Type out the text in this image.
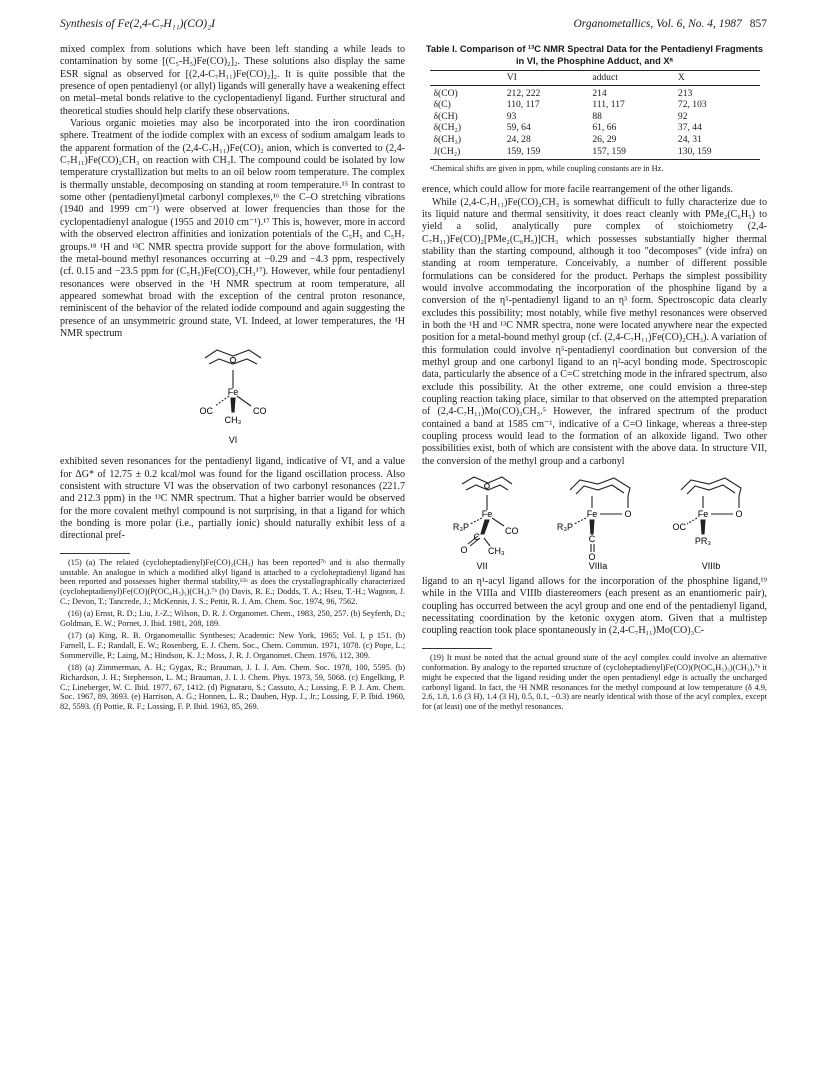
Synthesis of Fe(2,4-C₇H₁₁)(CO)₂I	Organometallics, Vol. 6, No. 4, 1987 857

mixed complex from solutions which have been left standing a while leads to contamination by some [(C₅-H₅)Fe(CO)₂]₂. These solutions also display the same ESR signal as observed for [(2,4-C₇H₁₁)Fe(CO)₂]₂. It is quite possible that the presence of open pentadienyl (or allyl) ligands will generally have a weakening effect on metal–metal bonds relative to the cyclopentadienyl ligand. Further structural and theoretical studies should help clarify these observations.

Various organic moieties may also be incorporated into the iron coordination sphere. Treatment of the iodide complex with an excess of sodium amalgam leads to the apparent formation of the (2,4-C₇H₁₁)Fe(CO)₂ anion, which is converted to (2,4-C₇H₁₁)Fe(CO)₂CH₃ on reaction with CH₃I. The compound could be isolated by low temperature crystallization but melts to an oil below room temperature. The complex is thermally unstable, decomposing on standing at room temperature.¹⁵ In contrast to some other (pentadienyl)metal carbonyl complexes,¹⁶ the C–O stretching vibrations (1940 and 1999 cm⁻¹) were observed at lower frequencies than those for the cyclopentadienyl analogue (1955 and 2010 cm⁻¹).¹⁷ This is, however, more in accord with the observed electron affinities and ionization potentials of the C₅H₅ and C₅H₇ groups.¹⁸ ¹H and ¹³C NMR spectra provide support for the above formulation, with the metal-bound methyl resonances occurring at −0.29 and −4.3 ppm, respectively (cf. 0.15 and −23.5 ppm for (C₅H₅)Fe(CO)₂CH₃¹⁷). However, while four pentadienyl resonances were observed in the ¹H NMR spectrum at room temperature, all appeared somewhat broad with the exception of the central proton resonance, reminiscent of the behavior of the related iodide compound and again suggesting the presence of an unsymmetric ground state, VI. Indeed, at lower temperatures, the ¹H NMR spectrum

Fe
OC	CO
CH₃
VI

exhibited seven resonances for the pentadienyl ligand, indicative of VI, and a value for ΔG* of 12.75 ± 0.2 kcal/mol was found for the ligand oscillation process. Also consistent with structure VI was the observation of two carbonyl resonances (221.7 and 212.3 ppm) in the ¹³C NMR spectrum. That a higher barrier would be observed for the more covalent methyl compound is not surprising, in that a ligand for which the bonding is more polar (i.e., partially ionic) should naturally exhibit less of a directional pref-

(15) (a) The related (cycloheptadienyl)Fe(CO)₂(CH₃) has been reported⁷ᵇ and is also thermally unstable. An analogue in which a modified alkyl ligand is attached to a cycloheptadienyl ligand has been reported and possesses higher thermal stability,¹⁵ᵇ as does the crystallographically characterized (cycloheptadienyl)Fe(CO)(P(OC₆H₅)₃)(CH₃).⁷ᵇ (b) Davis, R. E.; Dodds, T. A.; Hseu, T.-H.; Wagnon, J. C.; Devon, T.; Tancrede, J.; McKennis, J. S.; Pettit, R. J. Am. Chem. Soc. 1974, 96, 7562.

(16) (a) Ernst, R. D.; Liu, J.-Z.; Wilson, D. R. J. Organomet. Chem., 1983, 250, 257. (b) Seyferth, D.; Goldman, E. W.; Pornet, J. Ibid. 1981, 208, 189.

(17) (a) King, R. B. Organometallic Syntheses; Academic: New York, 1965; Vol. I, p 151. (b) Farnell, L. F.; Randall, E. W.; Rosenberg, E. J. Chem. Soc., Chem. Commun. 1971, 1078. (c) Pope, L.; Sommerville, P.; Laing, M.; Hindson, K. J.; Moss, J. R. J. Organomet. Chem. 1976, 112, 309.

(18) (a) Zimmerman, A. H.; Gygax, R.; Brauman, J. I. J. Am. Chem. Soc. 1978, 100, 5595. (b) Richardson, J. H.; Stephenson, L. M.; Brauman, J. I. J. Chem. Phys. 1973, 59, 5068. (c) Engelking, P. C.; Lineberger, W. C. Ibid. 1977, 67, 1412. (d) Pignataro, S.; Cassuto, A.; Lossing, F. P. J. Am. Chem. Soc. 1967, 89, 3693. (e) Harrison, A. G.; Honnen, L. R.; Dauben, Hyp. J., Jr.; Lossing, F. P. Ibid. 1960, 82, 5593. (f) Pottie, R. F.; Lossing, F. P. Ibid. 1963, 85, 269.

Table I. Comparison of ¹³C NMR Spectral Data for the Pentadienyl Fragments in VI, the Phosphine Adduct, and Xᵃ
	VI	adduct	X
δ(CO)	212, 222	214	213
δ(C)	110, 117	111, 117	72, 103
δ(CH)	93	88	92
δ(CH₂)	59, 64	61, 66	37, 44
δ(CH₃)	24, 28	26, 29	24, 31
J(CH₂)	159, 159	157, 159	130, 159
ᵃChemical shifts are given in ppm, while coupling constants are in Hz.

erence, which could allow for more facile rearrangement of the other ligands.

While (2,4-C₇H₁₁)Fe(CO)₂CH₃ is somewhat difficult to fully characterize due to its liquid nature and thermal sensitivity, it does react cleanly with PMe₂(C₆H₅) to yield a solid, analytically pure complex of stoichiometry (2,4-C₇H₁₁)Fe(CO)₂[PMe₂(C₆H₅)]CH₃ which possesses substantially higher thermal stability than the starting compound, although it too "decomposes" (vide infra) on standing at room temperature. Conceivably, a number of different possible formulations can be considered for the product. Perhaps the simplest possibility would involve accommodating the incorporation of the phosphine ligand by a conversion of the η⁵-pentadienyl ligand to an η³ form. Spectroscopic data clearly excludes this possibility; most notably, while five methyl resonances were observed in both the ¹H and ¹³C NMR spectra, none were located anywhere near the expected position for a metal-bound methyl group (cf. (2,4-C₇H₁₁)Fe(CO)₂CH₃). A variation of this formulation could involve η⁵-pentadienyl coordination but conversion of the methyl group and one carbonyl ligand to an η²-acyl bonding mode. Spectroscopic data, particularly the absence of a C=C stretching mode in the infrared spectrum, also exclude this possibility. At the other extreme, one could envision a three-step coupling reaction taking place, similar to that observed on the attempted preparation of (2,4-C₇H₁₁)Mo(CO)₃CH₃.⁵ However, the infrared spectrum of the product contained a band at 1585 cm⁻¹, indicative of a C=O linkage, whereas a three-step coupling process would lead to the formation of an alkoxide ligand. Two other possibilities exist, both of which are consistent with the above data. In structure VII, the conversion of the methyl group and a carbonyl

Fe
R₃P	CO
C
O CH₃
VII
Fe	O
R₃P
C
O
VIIIa
Fe	O
OC
PR₃
VIIIb

ligand to an η¹-acyl ligand allows for the incorporation of the phosphine ligand,¹⁹ while in the VIIIa and VIIIb diastereomers (each present as an enantiomeric pair), coupling has occurred between the acyl group and one end of the pentadienyl ligand, necessitating coordination by the ketonic oxygen atom. Given that a multistep coupling reaction took place spontaneously in (2,4-C₇H₁₁)Mo(CO)₃C-

(19) It must be noted that the actual ground state of the acyl complex could involve an alternative conformation. By analogy to the reported structure of (cycloheptadienyl)Fe(CO)(P(OC₆H₅)₃)(CH₃),⁷ᵇ it might be expected that the ligand residing under the open pentadienyl edge is actually the uncharged carbonyl ligand. In fact, the ¹H NMR resonances for the methyl compound at low temperature (δ 4.9, 2.6, 1.8, 1.6 (3 H), 1.4 (3 H), 0.5, 0.1, −0.3) are nearly identical with those of the acyl complex, except for (at least) one of the methyl resonances.
